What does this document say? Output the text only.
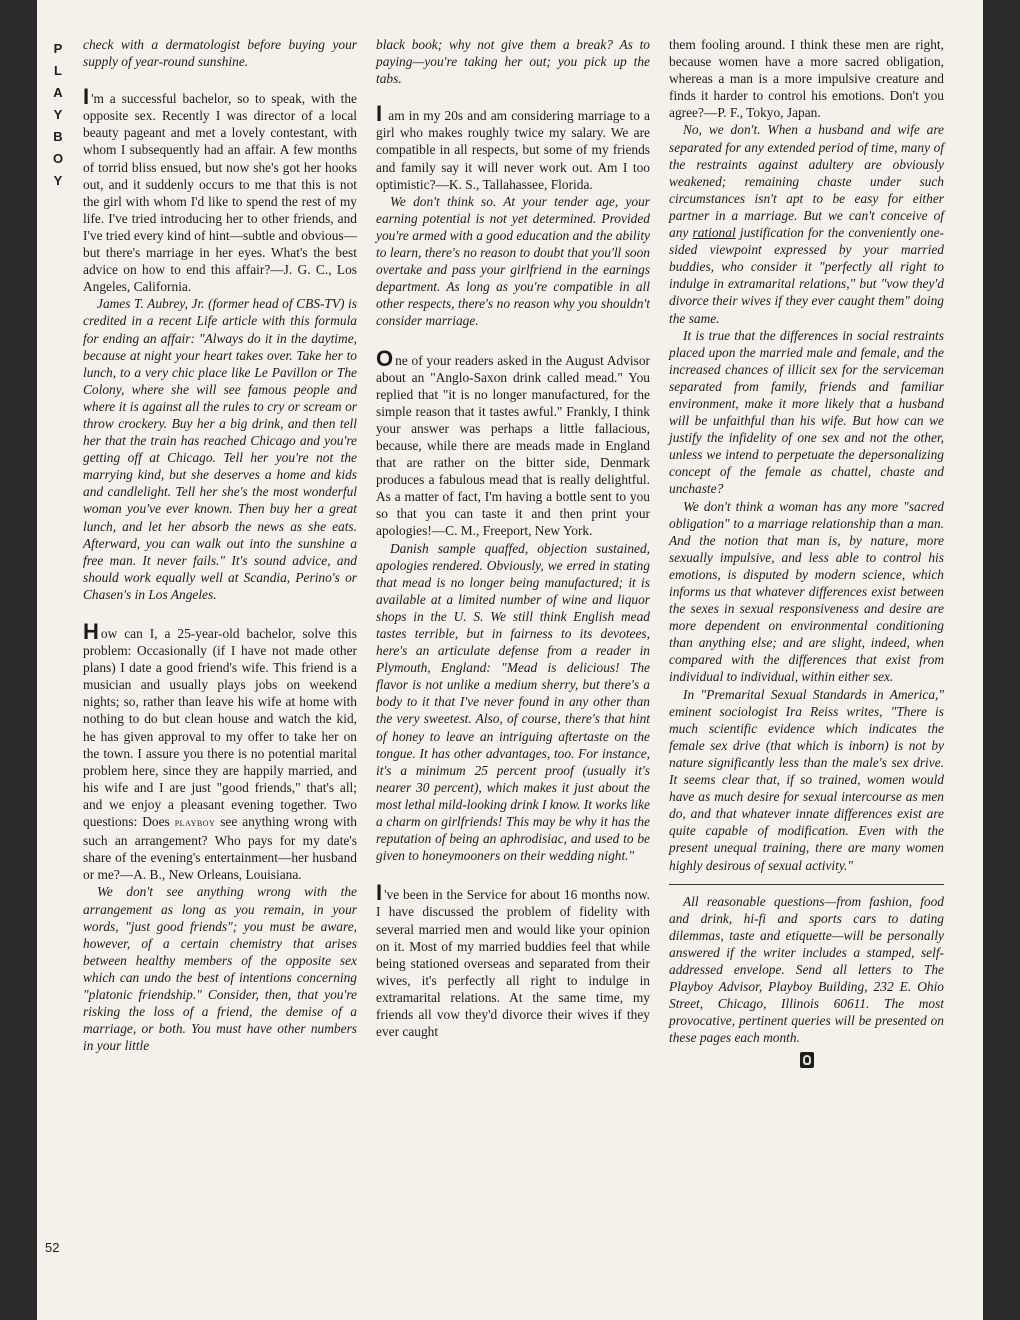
P
L
A
Y
B
O
Y
52

check with a dermatologist before buying your supply of year-round sunshine.

I 'm a successful bachelor, so to speak, with the opposite sex. Recently I was director of a local beauty pageant and met a lovely contestant, with whom I subsequently had an affair. A few months of torrid bliss ensued, but now she's got her hooks out, and it suddenly occurs to me that this is not the girl with whom I'd like to spend the rest of my life. I've tried introducing her to other friends, and I've tried every kind of hint—subtle and obvious—but there's marriage in her eyes. What's the best advice on how to end this affair?—J. G. C., Los Angeles, California.

James T. Aubrey, Jr. (former head of CBS-TV) is credited in a recent Life article with this formula for ending an affair: "Always do it in the daytime, because at night your heart takes over. Take her to lunch, to a very chic place like Le Pavillon or The Colony, where she will see famous people and where it is against all the rules to cry or scream or throw crockery. Buy her a big drink, and then tell her that the train has reached Chicago and you're getting off at Chicago. Tell her you're not the marrying kind, but she deserves a home and kids and candlelight. Tell her she's the most wonderful woman you've ever known. Then buy her a great lunch, and let her absorb the news as she eats. Afterward, you can walk out into the sunshine a free man. It never fails." It's sound advice, and should work equally well at Scandia, Perino's or Chasen's in Los Angeles.

How can I, a 25-year-old bachelor, solve this problem: Occasionally (if I have not made other plans) I date a good friend's wife. This friend is a musician and usually plays jobs on weekend nights; so, rather than leave his wife at home with nothing to do but clean house and watch the kid, he has given approval to my offer to take her on the town. I assure you there is no potential marital problem here, since they are happily married, and his wife and I are just "good friends," that's all; and we enjoy a pleasant evening together. Two questions: Does playboy see anything wrong with such an arrangement? Who pays for my date's share of the evening's entertainment—her husband or me?—A. B., New Orleans, Louisiana.

We don't see anything wrong with the arrangement as long as you remain, in your words, "just good friends"; you must be aware, however, of a certain chemistry that arises between healthy members of the opposite sex which can undo the best of intentions concerning "platonic friendship." Consider, then, that you're risking the loss of a friend, the demise of a marriage, or both. You must have other numbers in your little

black book; why not give them a break? As to paying—you're taking her out; you pick up the tabs.

I am in my 20s and am considering marriage to a girl who makes roughly twice my salary. We are compatible in all respects, but some of my friends and family say it will never work out. Am I too optimistic?—K. S., Tallahassee, Florida.

We don't think so. At your tender age, your earning potential is not yet determined. Provided you're armed with a good education and the ability to learn, there's no reason to doubt that you'll soon overtake and pass your girlfriend in the earnings department. As long as you're compatible in all other respects, there's no reason why you shouldn't consider marriage.

One of your readers asked in the August Advisor about an "Anglo-Saxon drink called mead." You replied that "it is no longer manufactured, for the simple reason that it tastes awful." Frankly, I think your answer was perhaps a little fallacious, because, while there are meads made in England that are rather on the bitter side, Denmark produces a fabulous mead that is really delightful. As a matter of fact, I'm having a bottle sent to you so that you can taste it and then print your apologies!—C. M., Freeport, New York.

Danish sample quaffed, objection sustained, apologies rendered. Obviously, we erred in stating that mead is no longer being manufactured; it is available at a limited number of wine and liquor shops in the U. S. We still think English mead tastes terrible, but in fairness to its devotees, here's an articulate defense from a reader in Plymouth, England: "Mead is delicious! The flavor is not unlike a medium sherry, but there's a body to it that I've never found in any other than the very sweetest. Also, of course, there's that hint of honey to leave an intriguing aftertaste on the tongue. It has other advantages, too. For instance, it's a minimum 25 percent proof (usually it's nearer 30 percent), which makes it just about the most lethal mild-looking drink I know. It works like a charm on girlfriends! This may be why it has the reputation of being an aphrodisiac, and used to be given to honeymooners on their wedding night."

I 've been in the Service for about 16 months now. I have discussed the problem of fidelity with several married men and would like your opinion on it. Most of my married buddies feel that while being stationed overseas and separated from their wives, it's perfectly all right to indulge in extramarital relations. At the same time, my friends all vow they'd divorce their wives if they ever caught

them fooling around. I think these men are right, because women have a more sacred obligation, whereas a man is a more impulsive creature and finds it harder to control his emotions. Don't you agree?—P. F., Tokyo, Japan.

No, we don't. When a husband and wife are separated for any extended period of time, many of the restraints against adultery are obviously weakened; remaining chaste under such circumstances isn't apt to be easy for either partner in a marriage. But we can't conceive of any rational justification for the conveniently one-sided viewpoint expressed by your married buddies, who consider it "perfectly all right to indulge in extramarital relations," but "vow they'd divorce their wives if they ever caught them" doing the same.

It is true that the differences in social restraints placed upon the married male and female, and the increased chances of illicit sex for the serviceman separated from family, friends and familiar environment, make it more likely that a husband will be unfaithful than his wife. But how can we justify the infidelity of one sex and not the other, unless we intend to perpetuate the depersonalizing concept of the female as chattel, chaste and unchaste?

We don't think a woman has any more "sacred obligation" to a marriage relationship than a man. And the notion that man is, by nature, more sexually impulsive, and less able to control his emotions, is disputed by modern science, which informs us that whatever differences exist between the sexes in sexual responsiveness and desire are more dependent on environmental conditioning than anything else; and are slight, indeed, when compared with the differences that exist from individual to individual, within either sex.

In "Premarital Sexual Standards in America," eminent sociologist Ira Reiss writes, "There is much scientific evidence which indicates the female sex drive (that which is inborn) is not by nature significantly less than the male's sex drive. It seems clear that, if so trained, women would have as much desire for sexual intercourse as men do, and that whatever innate differences exist are quite capable of modification. Even with the present unequal training, there are many women highly desirous of sexual activity."

All reasonable questions—from fashion, food and drink, hi-fi and sports cars to dating dilemmas, taste and etiquette—will be personally answered if the writer includes a stamped, self-addressed envelope. Send all letters to The Playboy Advisor, Playboy Building, 232 E. Ohio Street, Chicago, Illinois 60611. The most provocative, pertinent queries will be presented on these pages each month.
